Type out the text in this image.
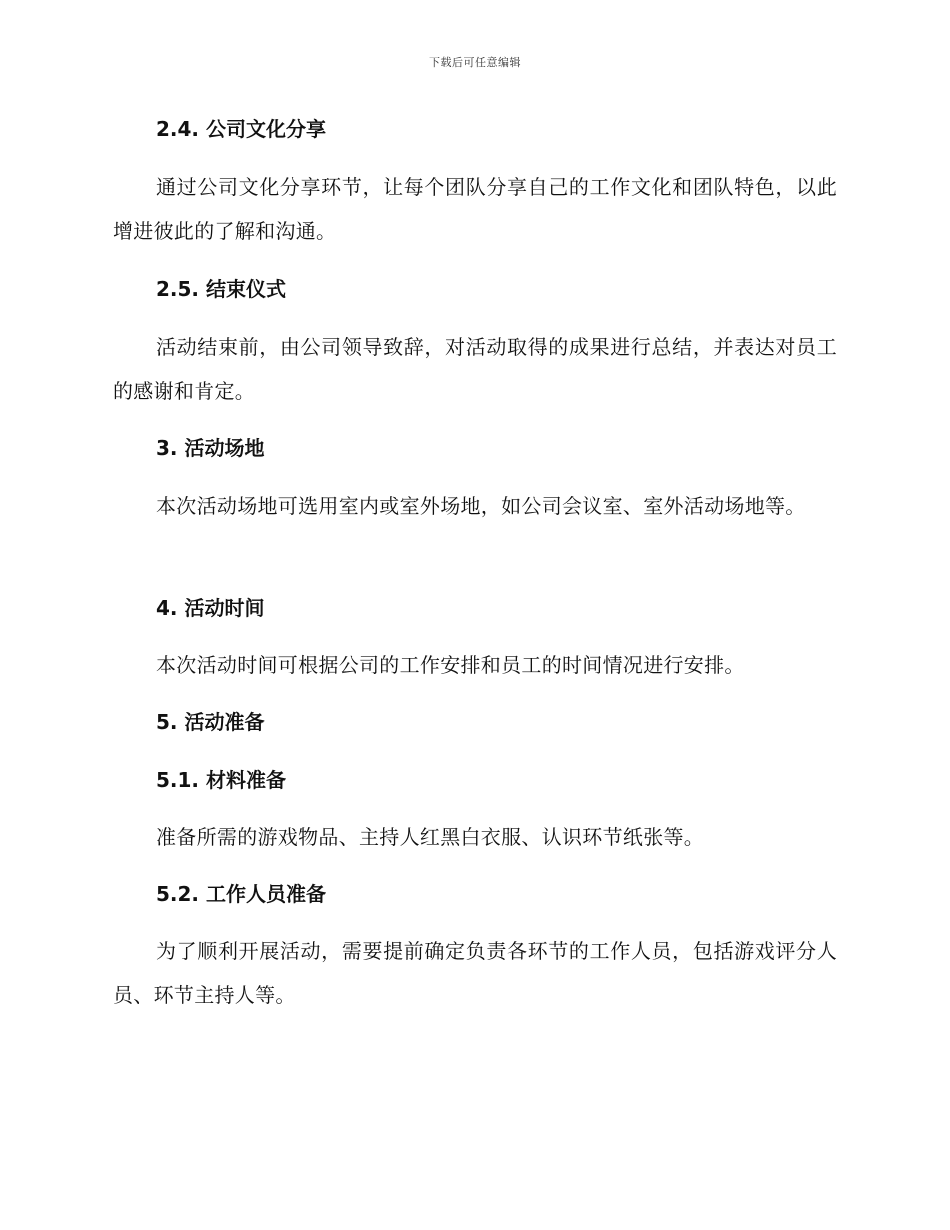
下载后可任意编辑
2.4. 公司文化分享

通过公司文化分享环节，让每个团队分享自己的工作文化和团队特色，以此增进彼此的了解和沟通。

2.5. 结束仪式

活动结束前，由公司领导致辞，对活动取得的成果进行总结，并表达对员工的感谢和肯定。

3. 活动场地

本次活动场地可选用室内或室外场地，如公司会议室、室外活动场地等。

4. 活动时间

本次活动时间可根据公司的工作安排和员工的时间情况进行安排。

5. 活动准备
5.1. 材料准备

准备所需的游戏物品、主持人红黑白衣服、认识环节纸张等。

5.2. 工作人员准备

为了顺利开展活动，需要提前确定负责各环节的工作人员，包括游戏评分人员、环节主持人等。
